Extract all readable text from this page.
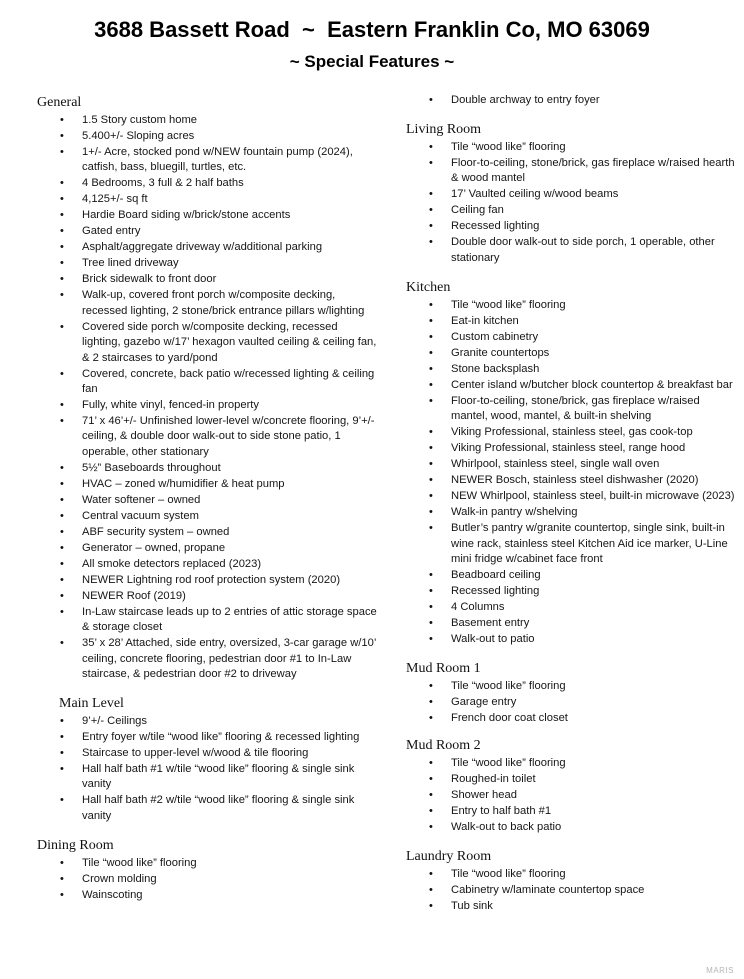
3688 Bassett Road  ~  Eastern Franklin Co, MO 63069
~ Special Features ~
General
• 1.5 Story custom home
• 5.400+/- Sloping acres
• 1+/- Acre, stocked pond w/NEW fountain pump (2024), catfish, bass, bluegill, turtles, etc.
• 4 Bedrooms, 3 full & 2 half baths
• 4,125+/- sq ft
• Hardie Board siding w/brick/stone accents
• Gated entry
• Asphalt/aggregate driveway w/additional parking
• Tree lined driveway
• Brick sidewalk to front door
• Walk-up, covered front porch w/composite decking, recessed lighting, 2 stone/brick entrance pillars w/lighting
• Covered side porch w/composite decking, recessed lighting, gazebo w/17’ hexagon vaulted ceiling & ceiling fan, & 2 staircases to yard/pond
• Covered, concrete, back patio w/recessed lighting & ceiling fan
• Fully, white vinyl, fenced-in property
• 71’ x 46’+/- Unfinished lower-level w/concrete flooring, 9’+/- ceiling, & double door walk-out to side stone patio, 1 operable, other stationary
• 5½” Baseboards throughout
• HVAC – zoned w/humidifier & heat pump
• Water softener – owned
• Central vacuum system
• ABF security system – owned
• Generator – owned, propane
• All smoke detectors replaced (2023)
• NEWER Lightning rod roof protection system (2020)
• NEWER Roof (2019)
• In-Law staircase leads up to 2 entries of attic storage space & storage closet
• 35’ x 28’ Attached, side entry, oversized, 3-car garage w/10’ ceiling, concrete flooring, pedestrian door #1 to In-Law staircase, & pedestrian door #2 to driveway
Main Level
• 9’+/- Ceilings
• Entry foyer w/tile “wood like” flooring & recessed lighting
• Staircase to upper-level w/wood & tile flooring
• Hall half bath #1 w/tile “wood like” flooring & single sink vanity
• Hall half bath #2 w/tile “wood like” flooring & single sink vanity
Dining Room
• Tile “wood like” flooring
• Crown molding
• Wainscoting
• Double archway to entry foyer
Living Room
• Tile “wood like” flooring
• Floor-to-ceiling, stone/brick, gas fireplace w/raised hearth & wood mantel
• 17’ Vaulted ceiling w/wood beams
• Ceiling fan
• Recessed lighting
• Double door walk-out to side porch, 1 operable, other stationary
Kitchen
• Tile “wood like” flooring
• Eat-in kitchen
• Custom cabinetry
• Granite countertops
• Stone backsplash
• Center island w/butcher block countertop & breakfast bar
• Floor-to-ceiling, stone/brick, gas fireplace w/raised mantel, wood, mantel, & built-in shelving
• Viking Professional, stainless steel, gas cook-top
• Viking Professional, stainless steel, range hood
• Whirlpool, stainless steel, single wall oven
• NEWER Bosch, stainless steel dishwasher (2020)
• NEW Whirlpool, stainless steel, built-in microwave (2023)
• Walk-in pantry w/shelving
• Butler’s pantry w/granite countertop, single sink, built-in wine rack, stainless steel Kitchen Aid ice marker, U-Line mini fridge w/cabinet face front
• Beadboard ceiling
• Recessed lighting
• 4 Columns
• Basement entry
• Walk-out to patio
Mud Room 1
• Tile “wood like” flooring
• Garage entry
• French door coat closet
Mud Room 2
• Tile “wood like” flooring
• Roughed-in toilet
• Shower head
• Entry to half bath #1
• Walk-out to back patio
Laundry Room
• Tile “wood like” flooring
• Cabinetry w/laminate countertop space
• Tub sink
MARIS
